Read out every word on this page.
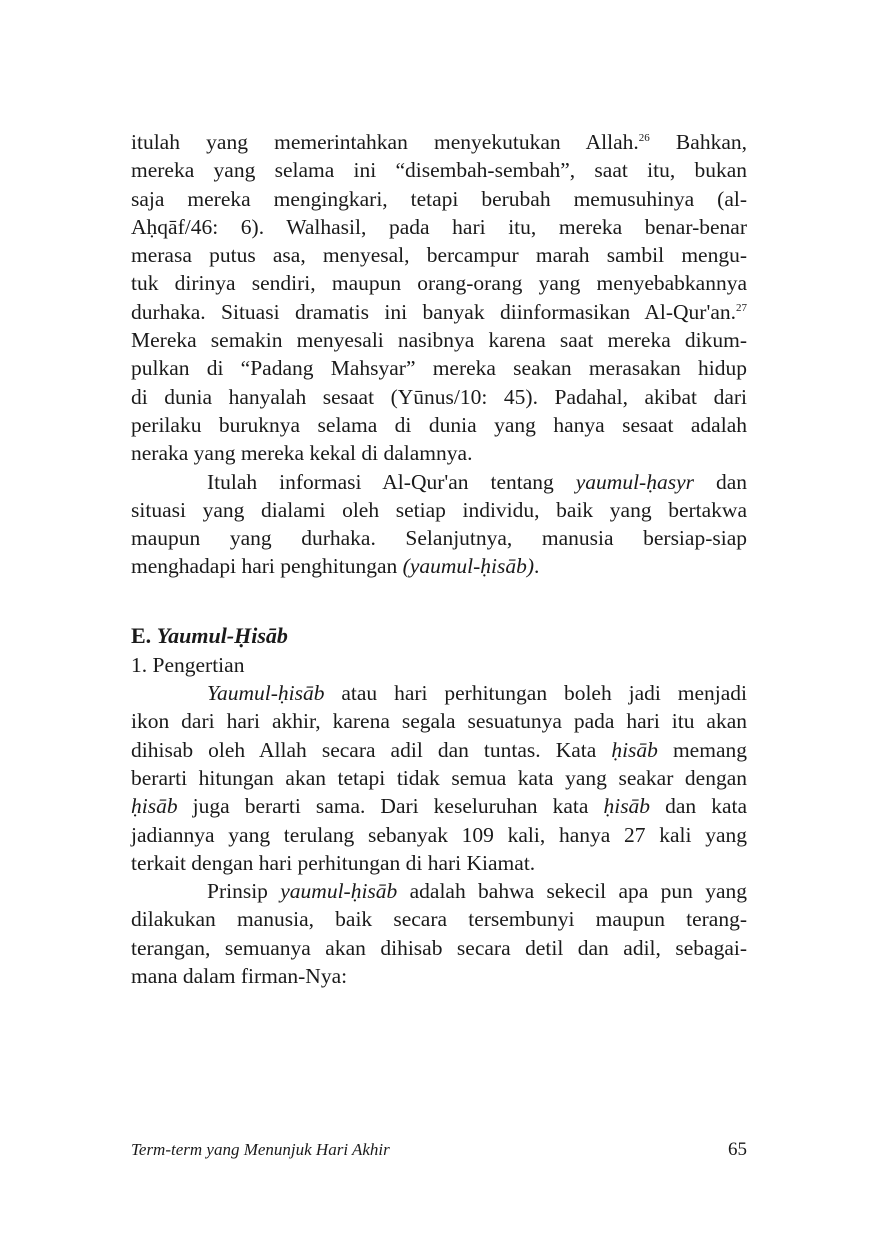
itulah yang memerintahkan menyekutukan Allah.$^{26}$ Bahkan,
mereka yang selama ini “disembah-sembah”, saat itu, bukan
saja mereka mengingkari, tetapi berubah memusuhinya (al-
Aḥqāf/46: 6). Walhasil, pada hari itu, mereka benar-benar
merasa putus asa, menyesal, bercampur marah sambil mengu-
tuk dirinya sendiri, maupun orang-orang yang menyebabkannya
durhaka. Situasi dramatis ini banyak diinformasikan Al-Qur'an.$^{27}$
Mereka semakin menyesali nasibnya karena saat mereka dikum-
pulkan di “Padang Mahsyar” mereka seakan merasakan hidup
di dunia hanyalah sesaat (Yūnus/10: 45). Padahal, akibat dari
perilaku buruknya selama di dunia yang hanya sesaat adalah
neraka yang mereka kekal di dalamnya.
Itulah informasi Al-Qur'an tentang yaumul-ḥasyr dan
situasi yang dialami oleh setiap individu, baik yang bertakwa
maupun yang durhaka. Selanjutnya, manusia bersiap-siap
menghadapi hari penghitungan (yaumul-ḥisāb).
E. Yaumul-Ḥisāb
1. Pengertian
Yaumul-ḥisāb atau hari perhitungan boleh jadi menjadi
ikon dari hari akhir, karena segala sesuatunya pada hari itu akan
dihisab oleh Allah secara adil dan tuntas. Kata ḥisāb memang
berarti hitungan akan tetapi tidak semua kata yang seakar dengan
ḥisāb juga berarti sama. Dari keseluruhan kata ḥisāb dan kata
jadiannya yang terulang sebanyak 109 kali, hanya 27 kali yang
terkait dengan hari perhitungan di hari Kiamat.
Prinsip yaumul-ḥisāb adalah bahwa sekecil apa pun yang
dilakukan manusia, baik secara tersembunyi maupun terang-
terangan, semuanya akan dihisab secara detil dan adil, sebagai-
mana dalam firman-Nya:
Term-term yang Menunjuk Hari Akhir	65
